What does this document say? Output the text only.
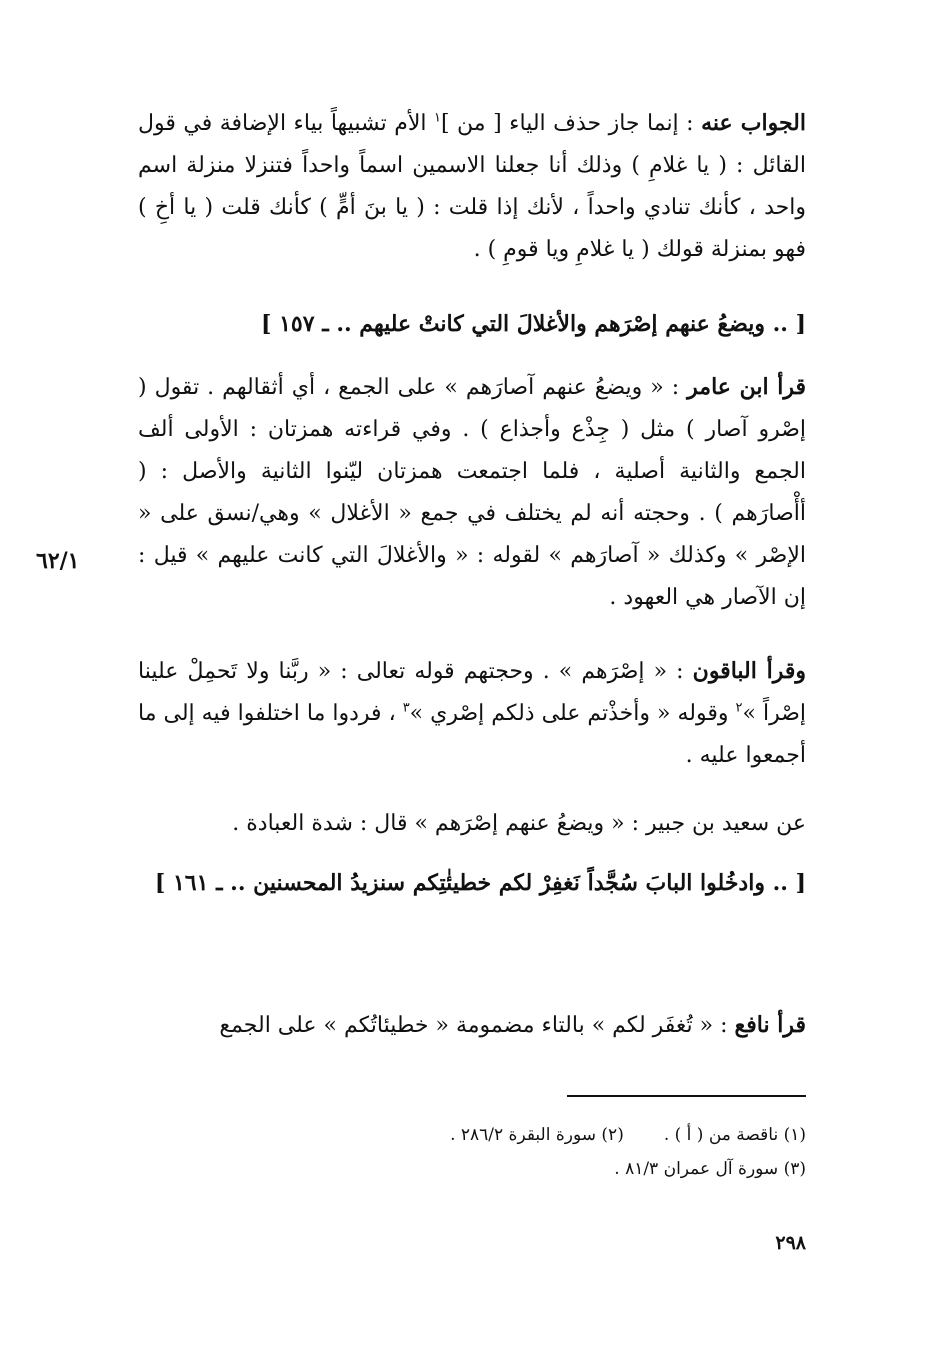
الجواب عنه : إنما جاز حذف الياء [ من ]$^١$ الأم تشبيهاً بياء الإضافة في قول القائل : ( يا غلامِ ) وذلك أنا جعلنا الاسمين اسماً واحداً فتنزلا منزلة اسم واحد ، كأنك تنادي واحداً ، لأنك إذا قلت : ( يا بنَ أمٍّ ) كأنك قلت ( يا أخِ ) فهو بمنزلة قولك ( يا غلامِ ويا قومِ ) .

[ .. ويضعُ عنهم إصْرَهم والأغلالَ التي كانتْ عليهم .. ـ ١٥٧ ]

قرأ ابن عامر : « ويضعُ عنهم آصارَهم » على الجمع ، أي أثقالهم . تقول ( إصْرو آصار ) مثل ( جِذْع وأجذاع ) . وفي قراءته همزتان : الأولى ألف الجمع والثانية أصلية ، فلما اجتمعت همزتان ليّنوا الثانية والأصل : ( أأْصارَهم ) . وحجته أنه لم يختلف في جمع « الأغلال » وهي/نسق على « الإصْر » وكذلك « آصارَهم » لقوله : « والأغلالَ التي كانت عليهم » قيل : إن الآصار هي العهود .

٦٢/١

وقرأ الباقون : « إصْرَهم » . وحجتهم قوله تعالى : « ربَّنا ولا تَحمِلْ علينا إصْراً »$^٢$ وقوله « وأخذْتم على ذلكم إصْري »$^٣$ ، فردوا ما اختلفوا فيه إلى ما أجمعوا عليه .

عن سعيد بن جبير : « ويضعُ عنهم إصْرَهم » قال : شدة العبادة .

[ .. وادخُلوا البابَ سُجَّداً نَغفِرْ لكم خطيئٰتِكم سنزيدُ المحسنين .. ـ ١٦١ ]

قرأ نافع : « تُغفَر لكم » بالتاء مضمومة « خطيئاتُكم » على الجمع

(١) ناقصة من ( أ ) .
(٢) سورة البقرة ٢٨٦/٢ .
(٣) سورة آل عمران ٨١/٣ .
٢٩٨
